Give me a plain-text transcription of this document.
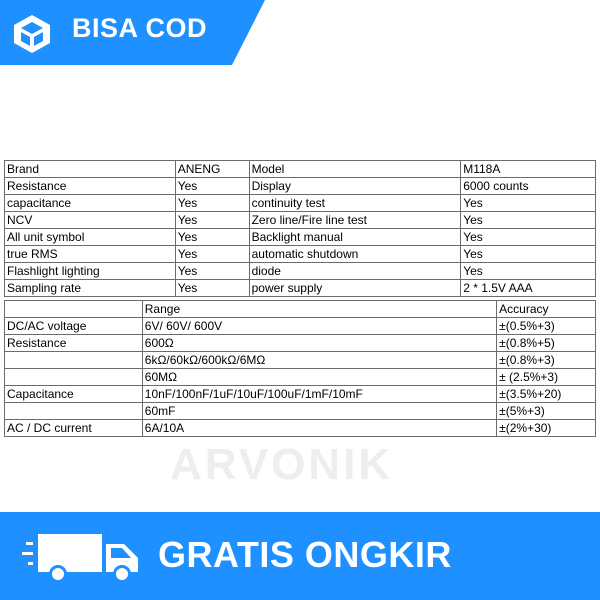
BISA COD
Brand	ANENG	Model	M118A
Resistance	Yes	Display	6000 counts
capacitance	Yes	continuity test	Yes
NCV	Yes	Zero line/Fire line test	Yes
All unit symbol	Yes	Backlight manual	Yes
true RMS	Yes	automatic shutdown	Yes
Flashlight lighting	Yes	diode	Yes
Sampling rate	Yes	power supply	2 * 1.5V AAA
	Range	Accuracy
DC/AC voltage	6V/ 60V/ 600V	±(0.5%+3)
Resistance	600Ω	±(0.8%+5)
	6kΩ/60kΩ/600kΩ/6MΩ	±(0.8%+3)
	60MΩ	± (2.5%+3)
Capacitance	10nF/100nF/1uF/10uF/100uF/1mF/10mF	±(3.5%+20)
	60mF	±(5%+3)
AC / DC current	6A/10A	±(2%+30)
ARVONIK
GRATIS ONGKIR
